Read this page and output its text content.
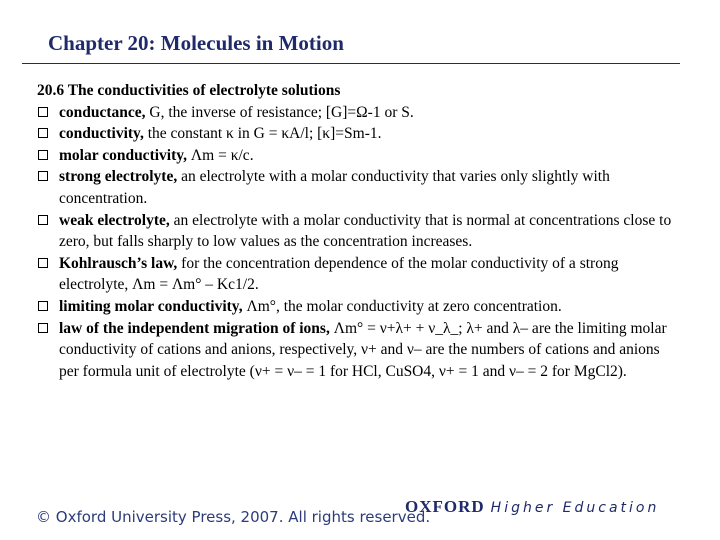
Chapter 20: Molecules in Motion
20.6 The conductivities of electrolyte solutions
conductance, G, the inverse of resistance; [G]=Ω-1 or S.
conductivity, the constant κ in G = κA/l; [κ]=Sm-1.
molar conductivity, Λm = κ/c.
strong electrolyte, an electrolyte with a molar conductivity that varies only slightly with concentration.
weak electrolyte, an electrolyte with a molar conductivity that is normal at concentrations close to zero, but falls sharply to low values as the concentration increases.
Kohlrausch’s law, for the concentration dependence of the molar conductivity of a strong electrolyte, Λm = Λm° – Kc1/2.
limiting molar conductivity, Λm°, the molar conductivity at zero concentration.
law of the independent migration of ions, Λm° = ν+λ+ + ν_λ_; λ+ and λ– are the limiting molar conductivity of cations and anions, respectively, ν+ and ν– are the numbers of cations and anions per formula unit of electrolyte (ν+ = ν– = 1 for HCl, CuSO4, ν+ = 1 and ν– = 2 for MgCl2).
© Oxford University Press, 2007. All rights reserved.
OXFORD Higher Education
